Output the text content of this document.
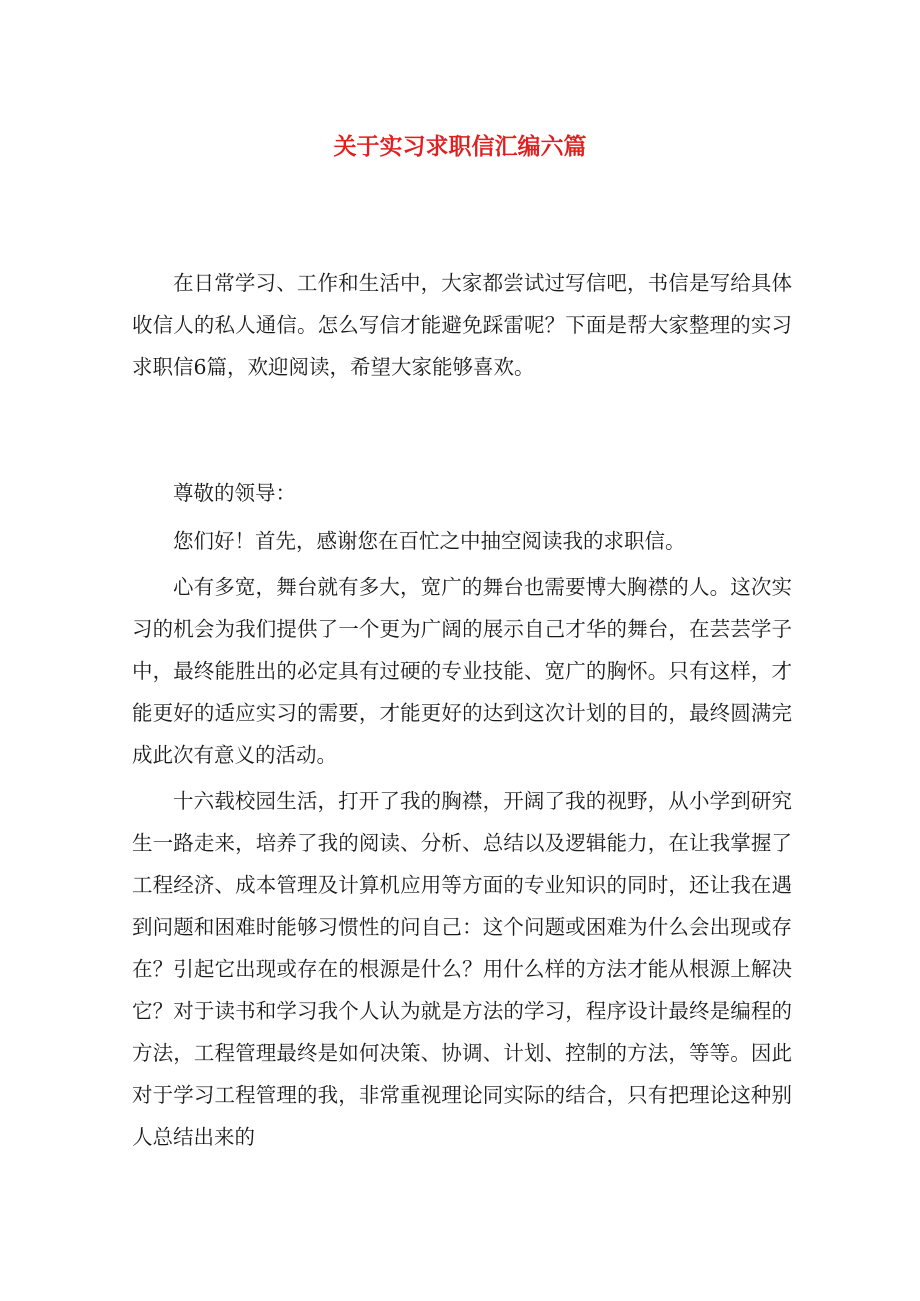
关于实习求职信汇编六篇

在日常学习、工作和生活中，大家都尝试过写信吧，书信是写给具体收信人的私人通信。怎么写信才能避免踩雷呢？下面是帮大家整理的实习求职信6篇，欢迎阅读，希望大家能够喜欢。

尊敬的领导：

您们好！首先，感谢您在百忙之中抽空阅读我的求职信。

心有多宽，舞台就有多大，宽广的舞台也需要博大胸襟的人。这次实习的机会为我们提供了一个更为广阔的展示自己才华的舞台，在芸芸学子中，最终能胜出的必定具有过硬的专业技能、宽广的胸怀。只有这样，才能更好的适应实习的需要，才能更好的达到这次计划的目的，最终圆满完成此次有意义的活动。

十六载校园生活，打开了我的胸襟，开阔了我的视野，从小学到研究生一路走来，培养了我的阅读、分析、总结以及逻辑能力，在让我掌握了工程经济、成本管理及计算机应用等方面的专业知识的同时，还让我在遇到问题和困难时能够习惯性的问自己：这个问题或困难为什么会出现或存在？引起它出现或存在的根源是什么？用什么样的方法才能从根源上解决它？对于读书和学习我个人认为就是方法的学习，程序设计最终是编程的方法，工程管理最终是如何决策、协调、计划、控制的方法，等等。因此对于学习工程管理的我，非常重视理论同实际的结合，只有把理论这种别人总结出来的
